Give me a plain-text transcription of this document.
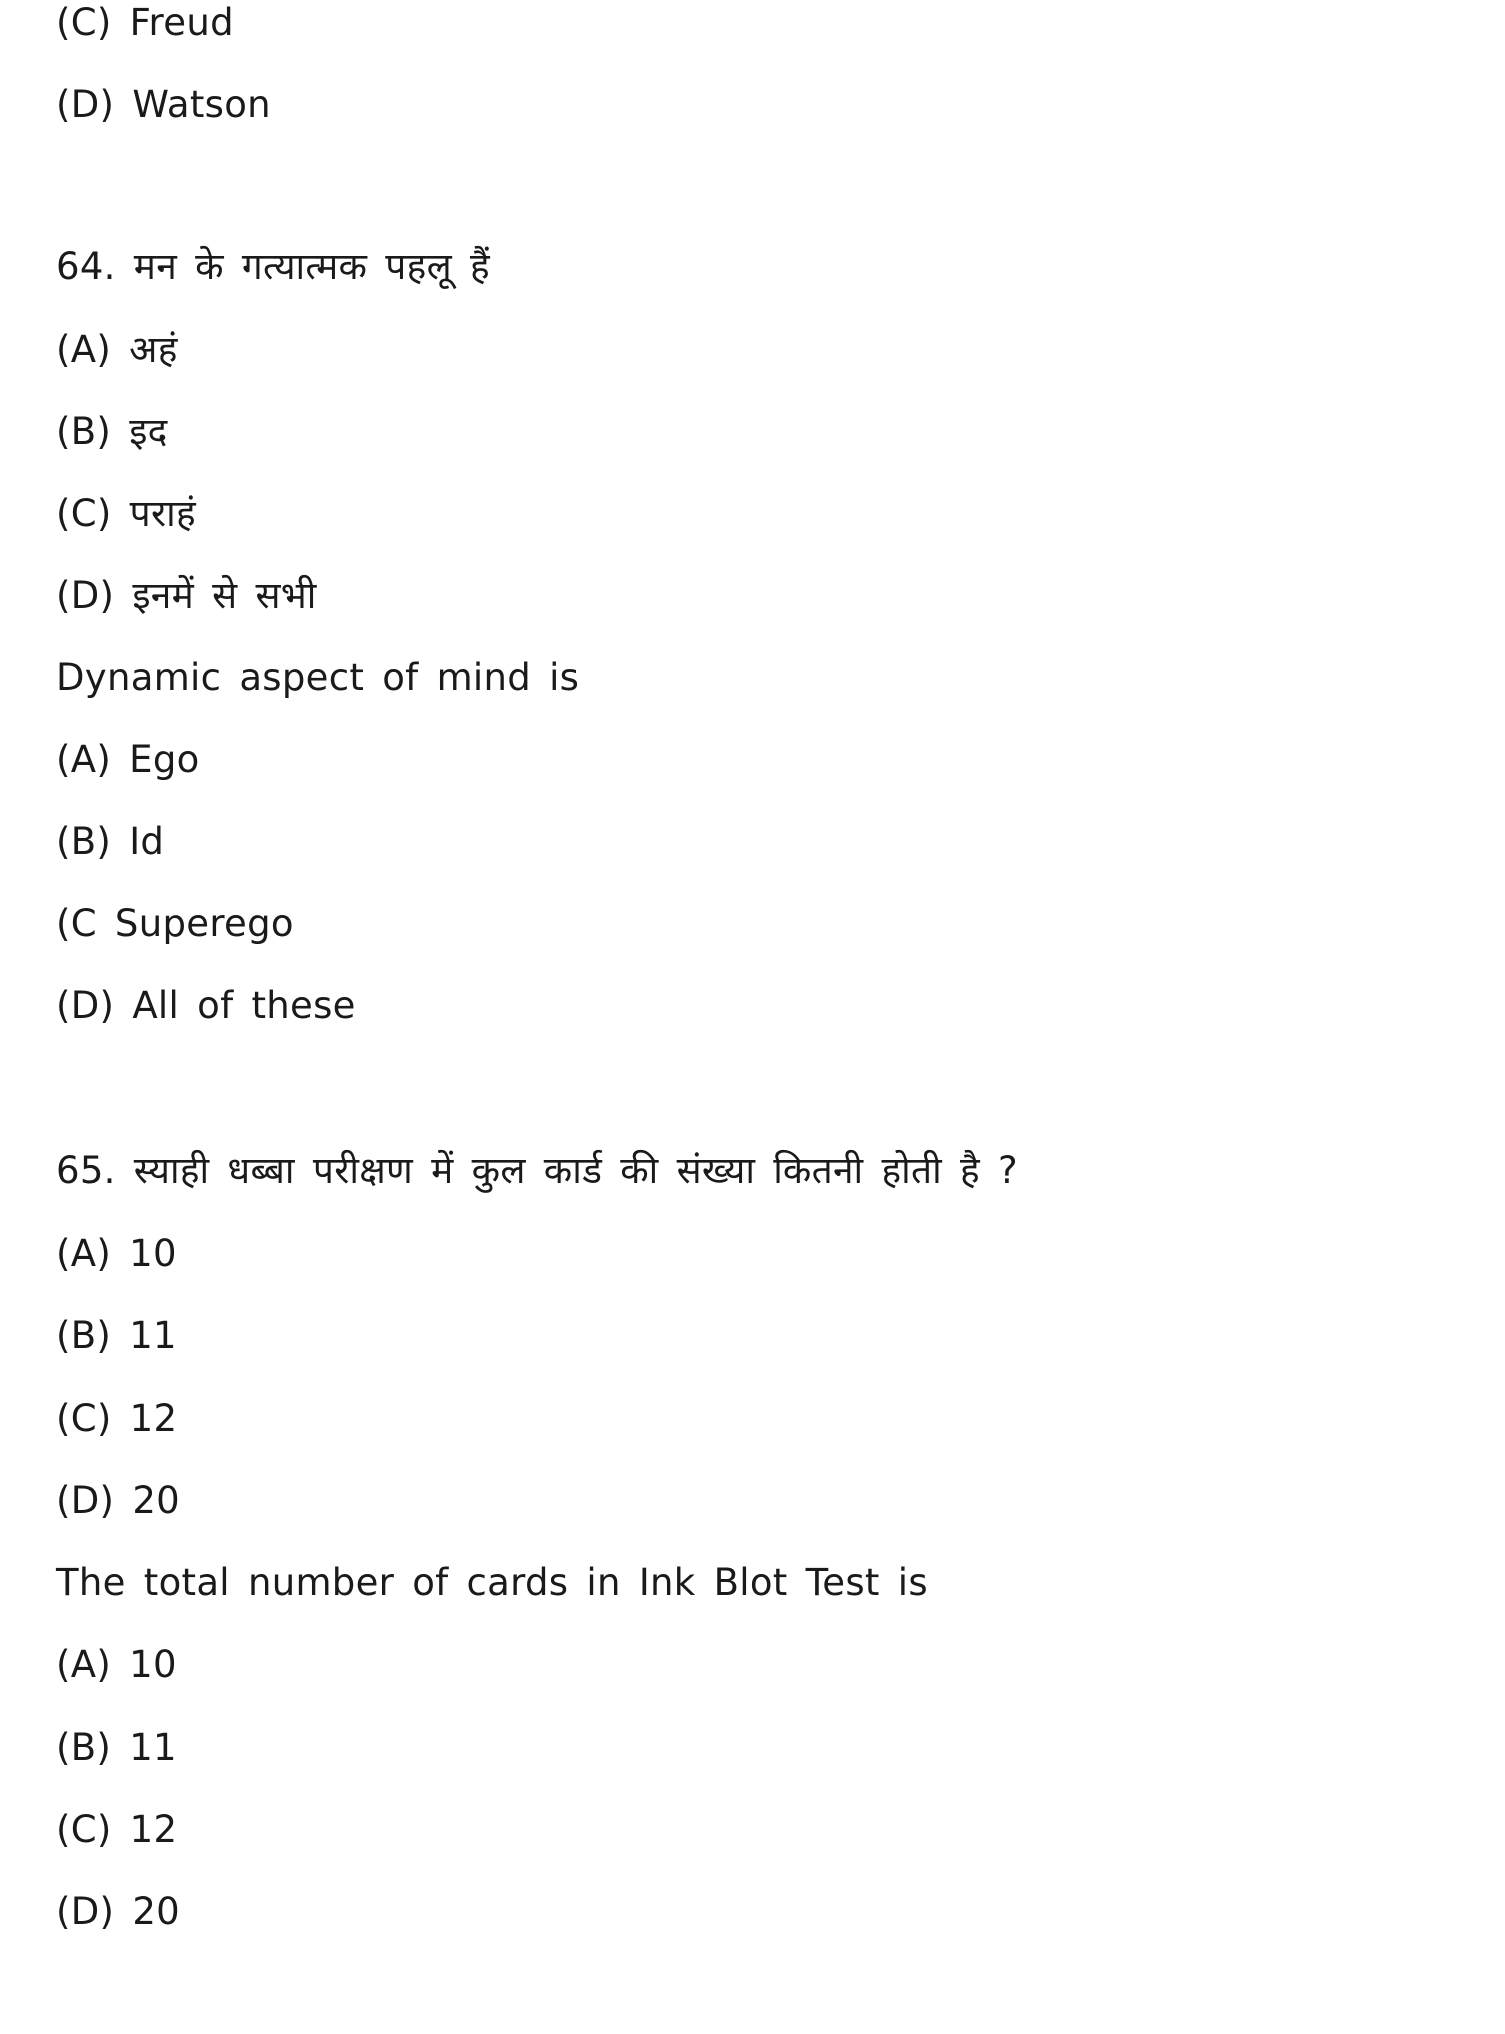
(C) Freud
(D) Watson
64. मन के गत्यात्मक पहलू हैं
(A) अहं
(B) इद
(C) पराहं
(D) इनमें से सभी
Dynamic aspect of mind is
(A) Ego
(B) Id
(C Superego
(D) All of these
65. स्याही धब्बा परीक्षण में कुल कार्ड की संख्या कितनी होती है ?
(A) 10
(B) 11
(C) 12
(D) 20
The total number of cards in Ink Blot Test is
(A) 10
(B) 11
(C) 12
(D) 20
